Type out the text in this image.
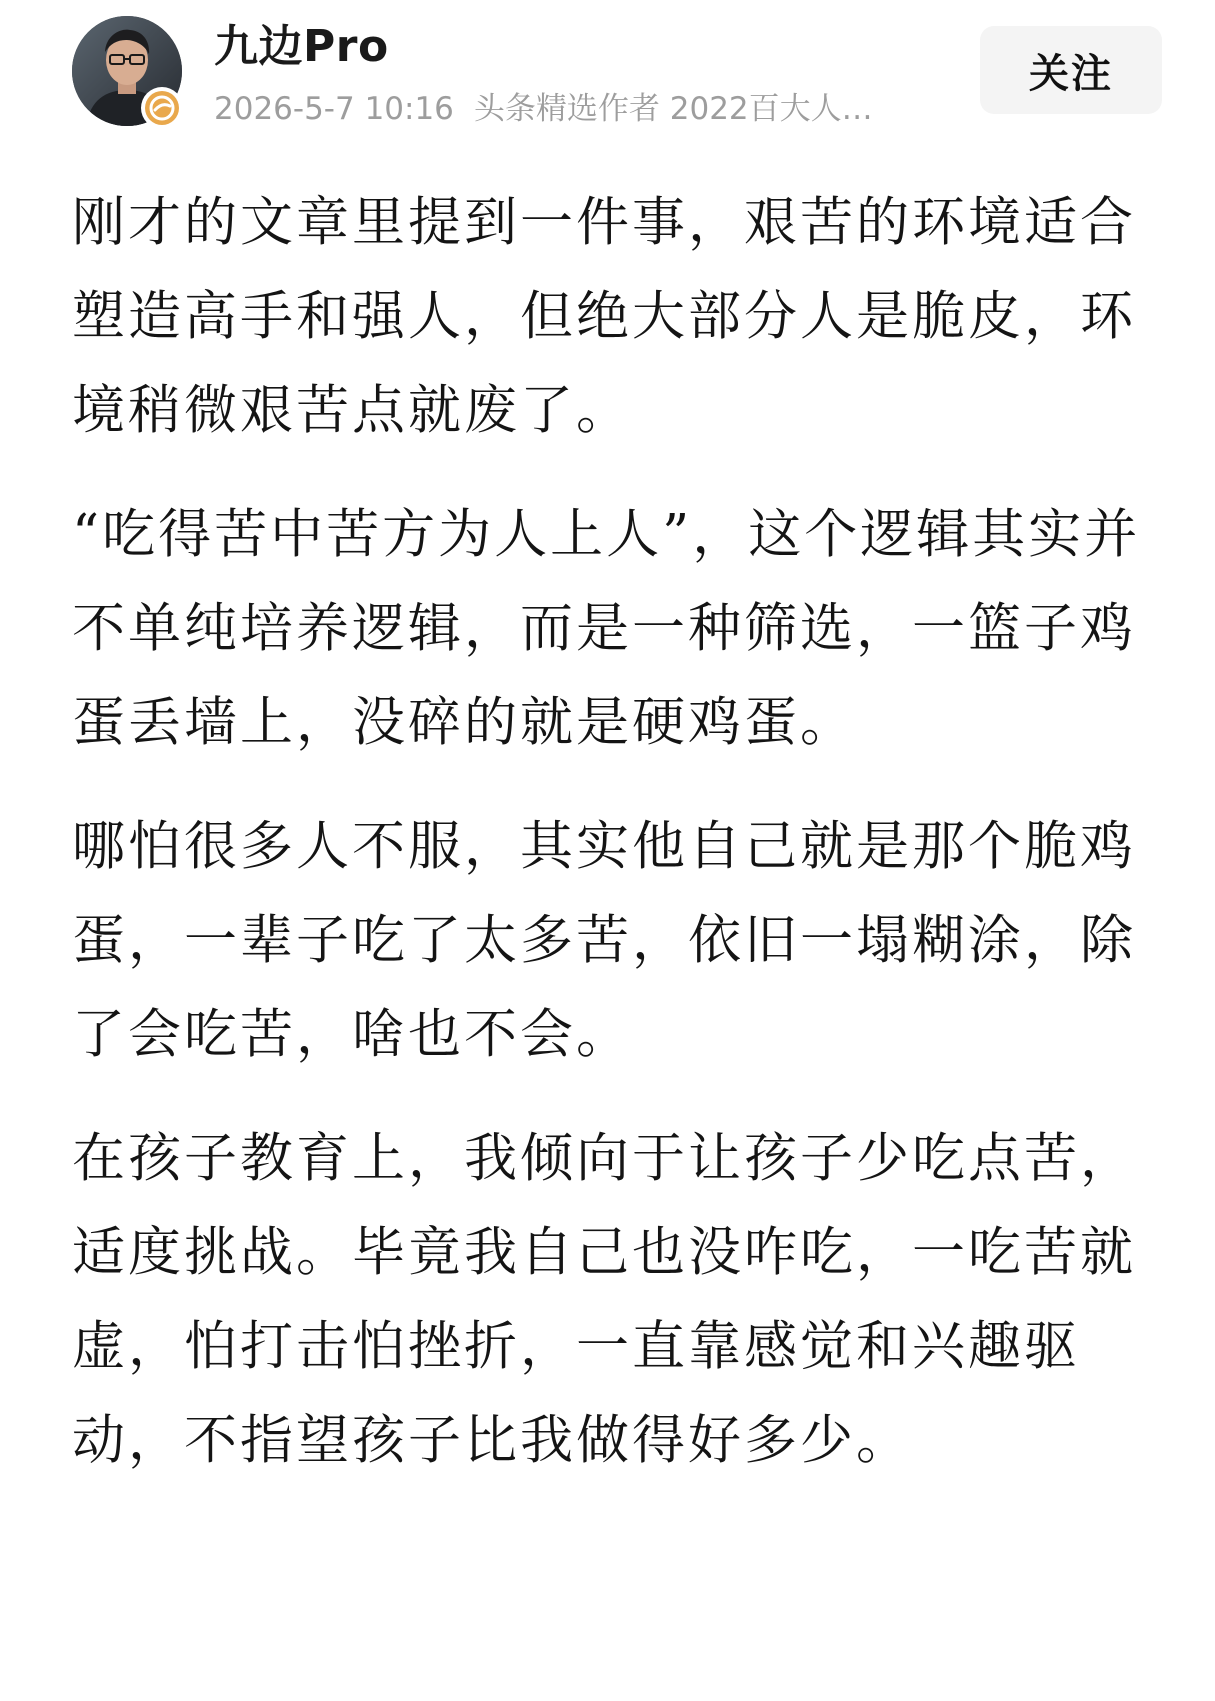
九边Pro
2026-5-7 10:16 头条精选作者 2022百大人…
关注

刚才的文章里提到一件事，艰苦的环境适合塑造高手和强人，但绝大部分人是脆皮，环境稍微艰苦点就废了。

“吃得苦中苦方为人上人”，这个逻辑其实并不单纯培养逻辑，而是一种筛选，一篮子鸡蛋丢墙上，没碎的就是硬鸡蛋。

哪怕很多人不服，其实他自己就是那个脆鸡蛋，一辈子吃了太多苦，依旧一塌糊涂，除了会吃苦，啥也不会。

在孩子教育上，我倾向于让孩子少吃点苦，适度挑战。毕竟我自己也没咋吃，一吃苦就虚，怕打击怕挫折，一直靠感觉和兴趣驱动，不指望孩子比我做得好多少。
